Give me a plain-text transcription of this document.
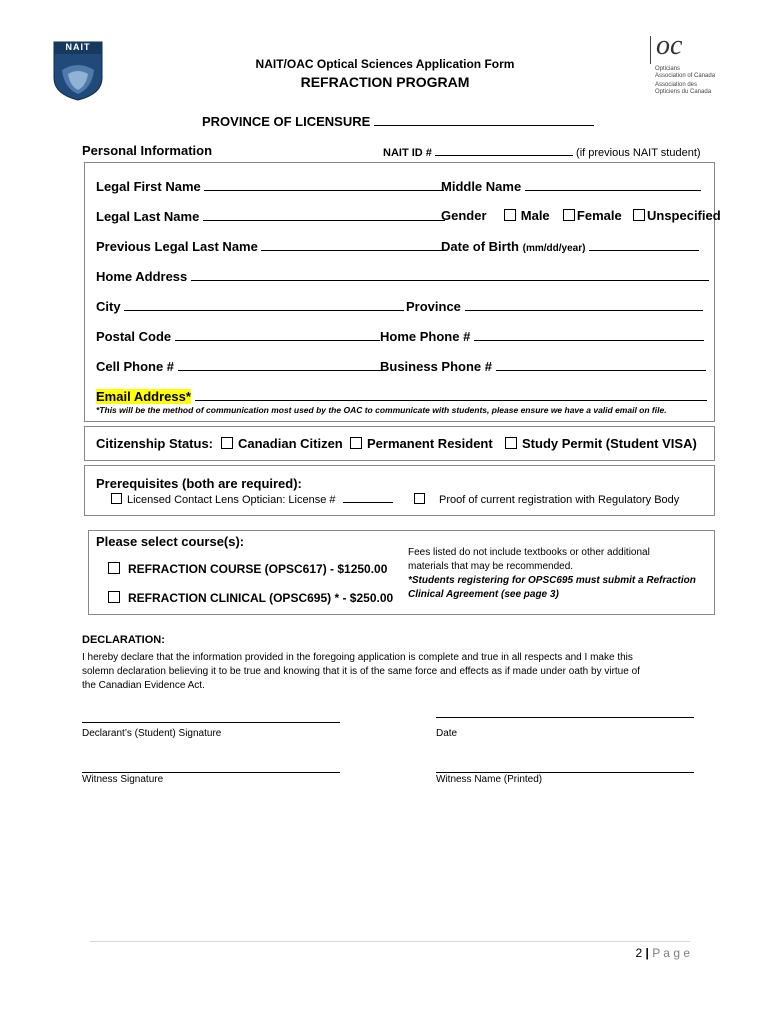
NAIT
NAIT/OAC Optical Sciences Application Form
REFRACTION PROGRAM
oc
Opticians
Association of Canada
Association des
Opticiens du Canada
PROVINCE OF LICENSURE
Personal Information	NAIT ID #	(if previous NAIT student)
Legal First Name	Middle Name
Legal Last Name	Gender	Male Female Unspecified
Previous Legal Last Name	Date of Birth (mm/dd/year)
Home Address
City	Province
Postal Code	Home Phone #
Cell Phone #	Business Phone #
Email Address*
*This will be the method of communication most used by the OAC to communicate with students, please ensure we have a valid email on file.
Citizenship Status:	Canadian Citizen	Permanent Resident	Study Permit (Student VISA)
Prerequisites (both are required):
Licensed Contact Lens Optician: License #	Proof of current registration with Regulatory Body
Please select course(s):
REFRACTION COURSE (OPSC617) - $1250.00
REFRACTION CLINICAL (OPSC695) * - $250.00
Fees listed do not include textbooks or other additional
materials that may be recommended.
*Students registering for OPSC695 must submit a Refraction
Clinical Agreement (see page 3)
DECLARATION:
I hereby declare that the information provided in the foregoing application is complete and true in all respects and I make this
solemn declaration believing it to be true and knowing that it is of the same force and effects as if made under oath by virtue of
the Canadian Evidence Act.
Declarant’s (Student) Signature	Date
Witness Signature	Witness Name (Printed)
2 | P a g e
